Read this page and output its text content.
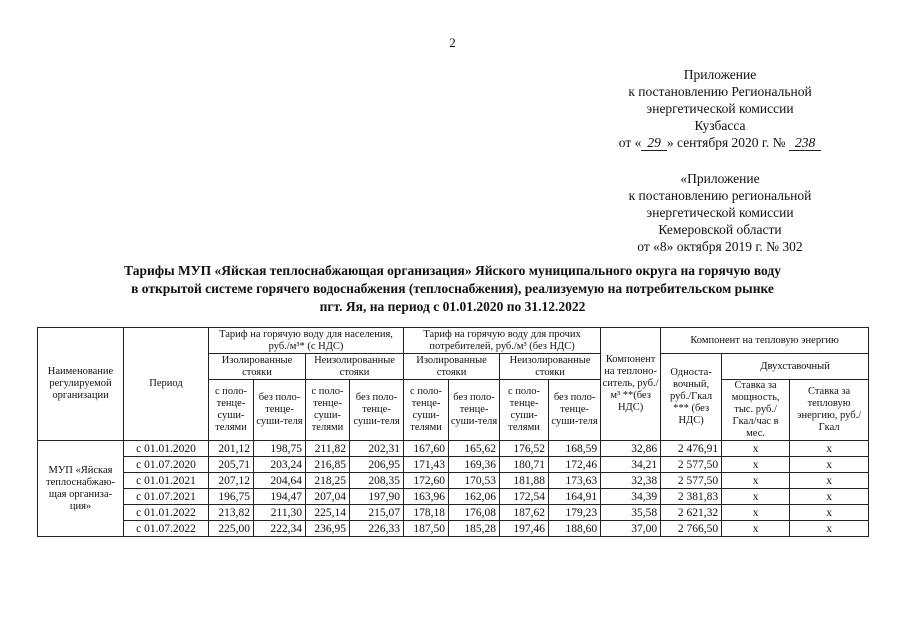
2
Приложение
к постановлению Региональной
энергетической комиссии
Кузбасса
от « 29 » сентября 2020 г. № 238
«Приложение
к постановлению региональной
энергетической комиссии
Кемеровской области
от «8» октября 2019 г. № 302
Тарифы МУП «Яйская теплоснабжающая организация» Яйского муниципального округа на горячую воду
в открытой системе горячего водоснабжения (теплоснабжения), реализуемую на потребительском рынке
пгт. Яя, на период с 01.01.2020 по 31.12.2022
Наименование регулируемой организации	Период	Тариф на горячую воду для населения, руб./м³* (с НДС)				Тариф на горячую воду для прочих потребителей, руб./м³ (без НДС)				Компонент на теплоно-ситель, руб./м³ **(без НДС)	Компонент на тепловую энергию		
		Изолированные стояки		Неизолированные стояки		Изолированные стояки		Неизолированные стояки			Односта-вочный, руб./Гкал *** (без НДС)	Двухставочный	
		с поло-тенце-суши-телями	без поло-тенце-суши-теля	с поло-тенце-суши-телями	без поло-тенце-суши-теля	с поло-тенце-суши-телями	без поло-тенце-суши-теля	с поло-тенце-суши-телями	без поло-тенце-суши-теля			Ставка за мощность, тыс. руб./ Гкал/час в мес.	Ставка за тепловую энергию, руб./Гкал

МУП «Яйская теплоснабжаю-щая организа-ция»	с 01.01.2020	201,12	198,75	211,82	202,31	167,60	165,62	176,52	168,59	32,86	2 476,91	х	х
	с 01.07.2020	205,71	203,24	216,85	206,95	171,43	169,36	180,71	172,46	34,21	2 577,50	х	х
	с 01.01.2021	207,12	204,64	218,25	208,35	172,60	170,53	181,88	173,63	32,38	2 577,50	х	х
	с 01.07.2021	196,75	194,47	207,04	197,90	163,96	162,06	172,54	164,91	34,39	2 381,83	х	х
	с 01.01.2022	213,82	211,30	225,14	215,07	178,18	176,08	187,62	179,23	35,58	2 621,32	х	х
	с 01.07.2022	225,00	222,34	236,95	226,33	187,50	185,28	197,46	188,60	37,00	2 766,50	х	х
